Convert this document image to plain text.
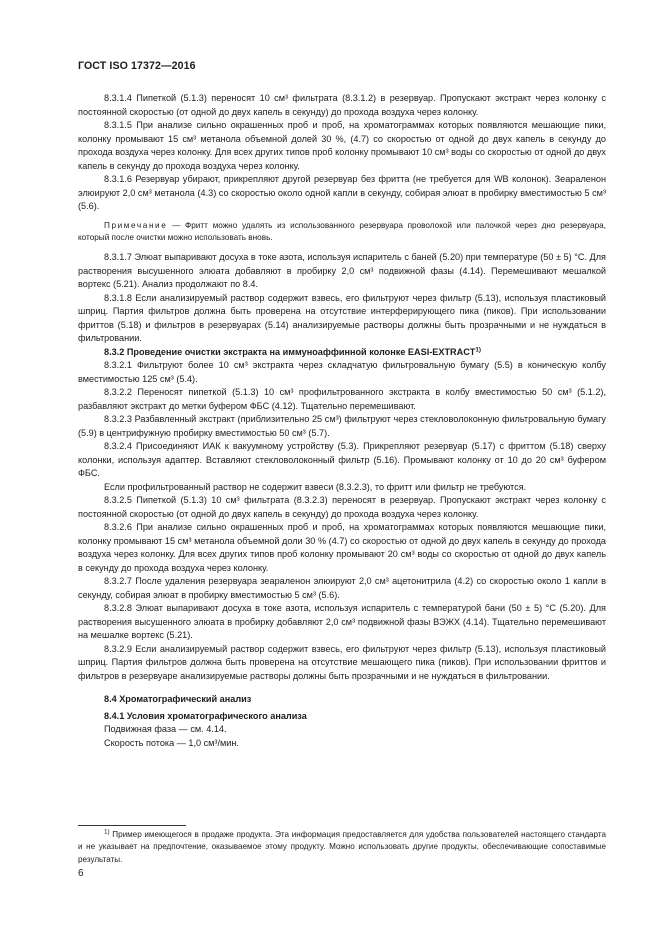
ГОСТ ISO 17372—2016

8.3.1.4 Пипеткой (5.1.3) переносят 10 см³ фильтрата (8.3.1.2) в резервуар. Пропускают экстракт через колонку с постоянной скоростью (от одной до двух капель в секунду) до прохода воздуха через колонку.

8.3.1.5 При анализе сильно окрашенных проб и проб, на хроматограммах которых появляются мешающие пики, колонку промывают 15 см³ метанола объемной долей 30 %, (4.7) со скоростью от одной до двух капель в секунду до прохода воздуха через колонку. Для всех других типов проб колонку промывают 10 см³ воды со скоростью от одной до двух капель в секунду до прохода воздуха через колонку.

8.3.1.6 Резервуар убирают, прикрепляют другой резервуар без фритта (не требуется для WB колонок). Зеараленон элюируют 2,0 см³ метанола (4.3) со скоростью около одной капли в секунду, собирая элюат в пробирку вместимостью 5 см³ (5.6).

Примечание — Фритт можно удалять из использованного резервуара проволокой или палочкой через дно резервуара, который после очистки можно использовать вновь.

8.3.1.7 Элюат выпаривают досуха в токе азота, используя испаритель с баней (5.20) при температуре (50 ± 5) °С. Для растворения высушенного элюата добавляют в пробирку 2,0 см³ подвижной фазы (4.14). Перемешивают мешалкой вортекс (5.21). Анализ продолжают по 8.4.

8.3.1.8 Если анализируемый раствор содержит взвесь, его фильтруют через фильтр (5.13), используя пластиковый шприц. Партия фильтров должна быть проверена на отсутствие интерферирующего пика (пиков). При использовании фриттов (5.18) и фильтров в резервуарах (5.14) анализируемые растворы должны быть прозрачными и не нуждаться в фильтровании.

8.3.2 Проведение очистки экстракта на иммуноаффинной колонке EASI-EXTRACT$^{1)}$

8.3.2.1 Фильтруют более 10 см³ экстракта через складчатую фильтровальную бумагу (5.5) в коническую колбу вместимостью 125 см³ (5.4).

8.3.2.2 Переносят пипеткой (5.1.3) 10 см³ профильтрованного экстракта в колбу вместимостью 50 см³ (5.1.2), разбавляют экстракт до метки буфером ФБС (4.12). Тщательно перемешивают.

8.3.2.3 Разбавленный экстракт (приблизительно 25 см³) фильтруют через стекловолоконную фильтровальную бумагу (5.9) в центрифужную пробирку вместимостью 50 см³ (5.7).

8.3.2.4 Присоединяют ИАК к вакуумному устройству (5.3). Прикрепляют резервуар (5.17) с фриттом (5.18) сверху колонки, используя адаптер. Вставляют стекловолоконный фильтр (5.16). Промывают колонку от 10 до 20 см³ буфером ФБС.

Если профильтрованный раствор не содержит взвеси (8.3.2.3), то фритт или фильтр не требуются.

8.3.2.5 Пипеткой (5.1.3) 10 см³ фильтрата (8.3.2.3) переносят в резервуар. Пропускают экстракт через колонку с постоянной скоростью (от одной до двух капель в секунду) до прохода воздуха через колонку.

8.3.2.6 При анализе сильно окрашенных проб и проб, на хроматограммах которых появляются мешающие пики, колонку промывают 15 см³ метанола объемной доли 30 % (4.7) со скоростью от одной до двух капель в секунду до прохода воздуха через колонку. Для всех других типов проб колонку промывают 20 см³ воды со скоростью от одной до двух капель в секунду до прохода воздуха через колонку.

8.3.2.7 После удаления резервуара зеараленон элюируют 2,0 см³ ацетонитрила (4.2) со скоростью около 1 капли в секунду, собирая элюат в пробирку вместимостью 5 см³ (5.6).

8.3.2.8 Элюат выпаривают досуха в токе азота, используя испаритель с температурой бани (50 ± 5) °С (5.20). Для растворения высушенного элюата в пробирку добавляют 2,0 см³ подвижной фазы ВЭЖХ (4.14). Тщательно перемешивают на мешалке вортекс (5.21).

8.3.2.9 Если анализируемый раствор содержит взвесь, его фильтруют через фильтр (5.13), используя пластиковый шприц. Партия фильтров должна быть проверена на отсутствие мешающего пика (пиков). При использовании фриттов и фильтров в резервуаре анализируемые растворы должны быть прозрачными и не нуждаться в фильтровании.

8.4 Хроматографический анализ

8.4.1 Условия хроматографического анализа

Подвижная фаза — см. 4.14.

Скорость потока — 1,0 см³/мин.

$^{1)}$ Пример имеющегося в продаже продукта. Эта информация предоставляется для удобства пользователей настоящего стандарта и не указывает на предпочтение, оказываемое этому продукту. Можно использовать другие продукты, обеспечивающие сопоставимые результаты.
6
